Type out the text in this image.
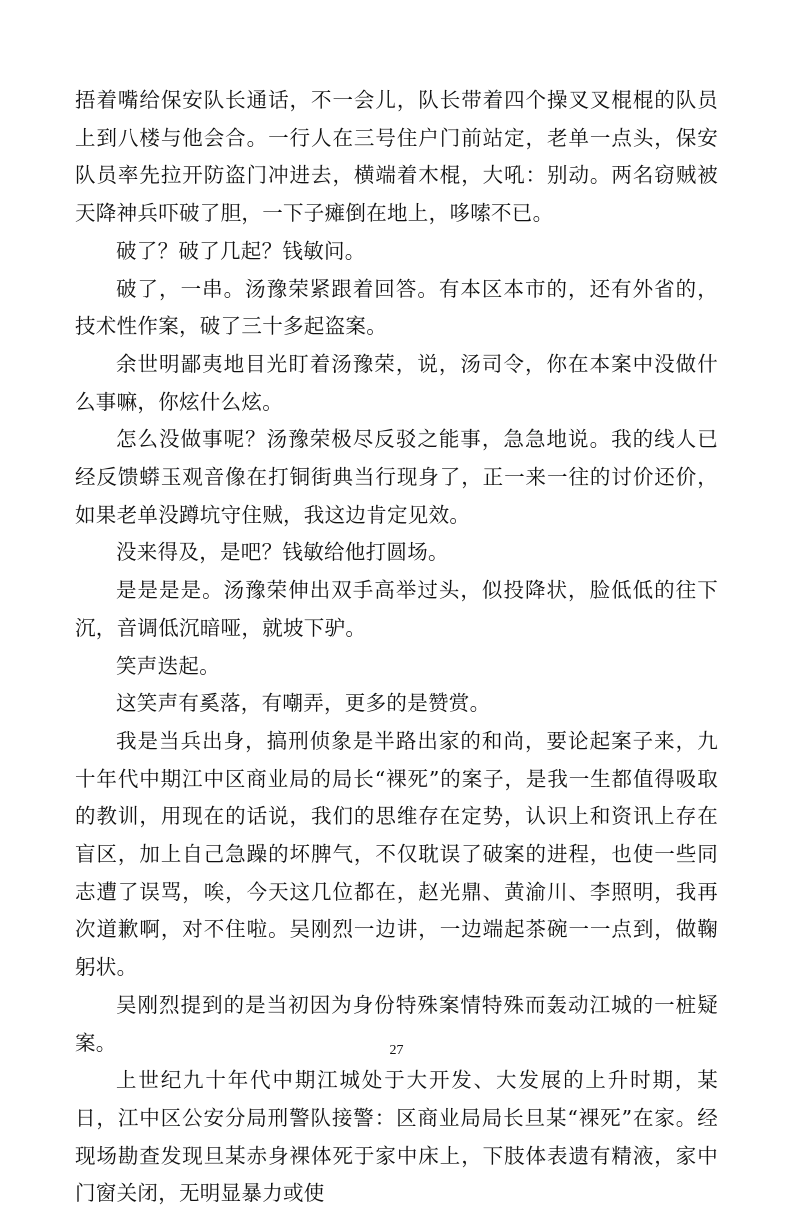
捂着嘴给保安队长通话，不一会儿，队长带着四个操叉叉棍棍的队员上到八楼与他会合。一行人在三号住户门前站定，老单一点头，保安队员率先拉开防盗门冲进去，横端着木棍，大吼：别动。两名窃贼被天降神兵吓破了胆，一下子瘫倒在地上，哆嗦不已。

破了？破了几起？钱敏问。

破了，一串。汤豫荣紧跟着回答。有本区本市的，还有外省的，技术性作案，破了三十多起盗案。

余世明鄙夷地目光盯着汤豫荣，说，汤司令，你在本案中没做什么事嘛，你炫什么炫。

怎么没做事呢？汤豫荣极尽反驳之能事，急急地说。我的线人已经反馈蟒玉观音像在打铜街典当行现身了，正一来一往的讨价还价，如果老单没蹲坑守住贼，我这边肯定见效。

没来得及，是吧？钱敏给他打圆场。

是是是是。汤豫荣伸出双手高举过头，似投降状，脸低低的往下沉，音调低沉暗哑，就坡下驴。

笑声迭起。

这笑声有奚落，有嘲弄，更多的是赞赏。

我是当兵出身，搞刑侦象是半路出家的和尚，要论起案子来，九十年代中期江中区商业局的局长“裸死”的案子，是我一生都值得吸取的教训，用现在的话说，我们的思维存在定势，认识上和资讯上存在盲区，加上自己急躁的坏脾气，不仅耽误了破案的进程，也使一些同志遭了误骂，唉，今天这几位都在，赵光鼎、黄渝川、李照明，我再次道歉啊，对不住啦。吴刚烈一边讲，一边端起茶碗一一点到，做鞠躬状。

吴刚烈提到的是当初因为身份特殊案情特殊而轰动江城的一桩疑案。

上世纪九十年代中期江城处于大开发、大发展的上升时期，某日，江中区公安分局刑警队接警：区商业局局长旦某“裸死”在家。经现场勘查发现旦某赤身裸体死于家中床上，下肢体表遗有精液，家中门窗关闭，无明显暴力或使

27
